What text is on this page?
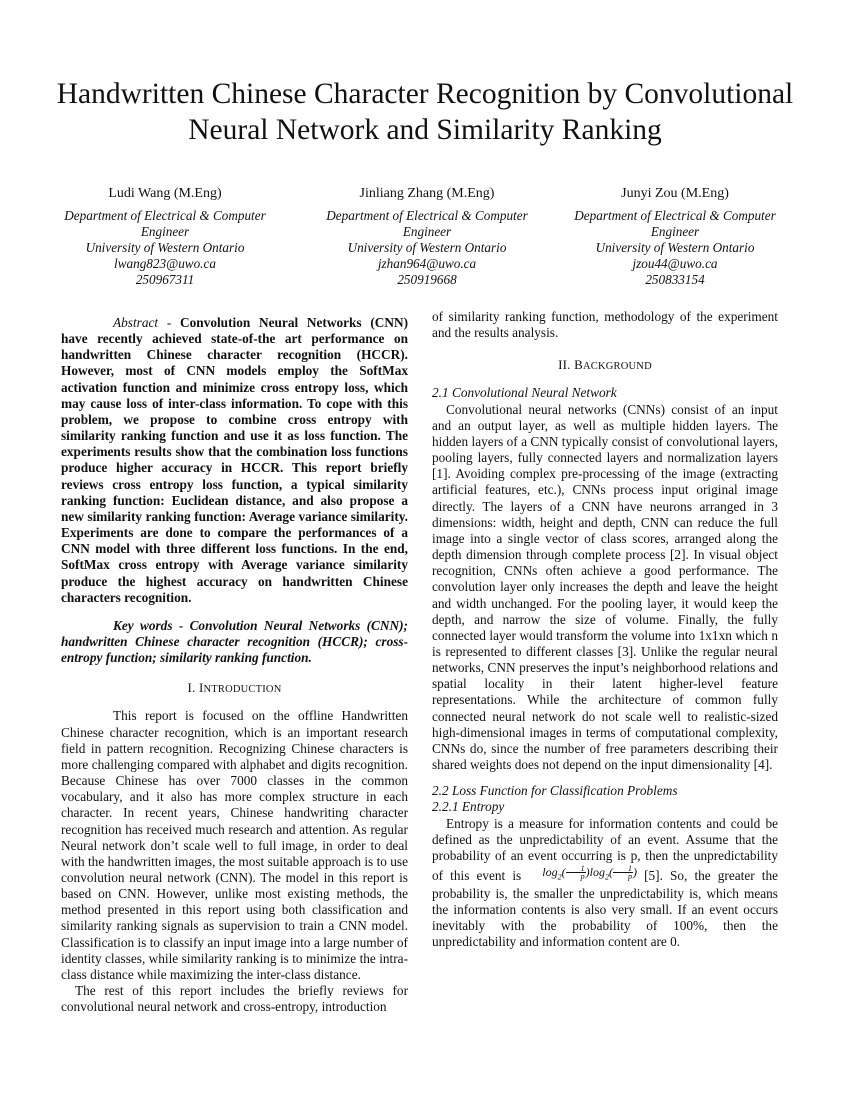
Handwritten Chinese Character Recognition by Convolutional Neural Network and Similarity Ranking
Ludi Wang (M.Eng)
Department of Electrical & Computer
Engineer
University of Western Ontario
lwang823@uwo.ca
250967311
Jinliang Zhang (M.Eng)
Department of Electrical & Computer
Engineer
University of Western Ontario
jzhan964@uwo.ca
250919668
Junyi Zou (M.Eng)
Department of Electrical & Computer
Engineer
University of Western Ontario
jzou44@uwo.ca
250833154

Abstract - Convolution Neural Networks (CNN) have recently achieved state-of-the art performance on handwritten Chinese character recognition (HCCR). However, most of CNN models employ the SoftMax activation function and minimize cross entropy loss, which may cause loss of inter-class information. To cope with this problem, we propose to combine cross entropy with similarity ranking function and use it as loss function. The experiments results show that the combination loss functions produce higher accuracy in HCCR. This report briefly reviews cross entropy loss function, a typical similarity ranking function: Euclidean distance, and also propose a new similarity ranking function: Average variance similarity. Experiments are done to compare the performances of a CNN model with three different loss functions. In the end, SoftMax cross entropy with Average variance similarity produce the highest accuracy on handwritten Chinese characters recognition.

Key words - Convolution Neural Networks (CNN); handwritten Chinese character recognition (HCCR); cross-entropy function; similarity ranking function.

I. INTRODUCTION

This report is focused on the offline Handwritten Chinese character recognition, which is an important research field in pattern recognition. Recognizing Chinese characters is more challenging compared with alphabet and digits recognition. Because Chinese has over 7000 classes in the common vocabulary, and it also has more complex structure in each character. In recent years, Chinese handwriting character recognition has received much research and attention. As regular Neural network don’t scale well to full image, in order to deal with the handwritten images, the most suitable approach is to use convolution neural network (CNN). The model in this report is based on CNN. However, unlike most existing methods, the method presented in this report using both classification and similarity ranking signals as supervision to train a CNN model. Classification is to classify an input image into a large number of identity classes, while similarity ranking is to minimize the intra-class distance while maximizing the inter-class distance.

The rest of this report includes the briefly reviews for convolutional neural network and cross-entropy, introduction

of similarity ranking function, methodology of the experiment and the results analysis.

II. BACKGROUND

2.1 Convolutional Neural Network

Convolutional neural networks (CNNs) consist of an input and an output layer, as well as multiple hidden layers. The hidden layers of a CNN typically consist of convolutional layers, pooling layers, fully connected layers and normalization layers [1]. Avoiding complex pre-processing of the image (extracting artificial features, etc.), CNNs process input original image directly. The layers of a CNN have neurons arranged in 3 dimensions: width, height and depth, CNN can reduce the full image into a single vector of class scores, arranged along the depth dimension through complete process [2]. In visual object recognition, CNNs often achieve a good performance. The convolution layer only increases the depth and leave the height and width unchanged. For the pooling layer, it would keep the depth, and narrow the size of volume. Finally, the fully connected layer would transform the volume into 1x1xn which n is represented to different classes [3]. Unlike the regular neural networks, CNN preserves the input’s neighborhood relations and spatial locality in their latent higher-level feature representations. While the architecture of common fully connected neural network do not scale well to realistic-sized high-dimensional images in terms of computational complexity, CNNs do, since the number of free parameters describing their shared weights does not depend on the input dimensionality [4].

2.2 Loss Function for Classification Problems

2.2.1 Entropy

Entropy is a measure for information contents and could be defined as the unpredictability of an event. Assume that the probability of an event occurring is p, then the unpredictability of this event is $\log_2( \frac{1}{p} )\log_2( \frac{1}{p}$ ) [5]. So, the greater the probability is, the smaller the unpredictability is, which means the information contents is also very small. If an event occurs inevitably with the probability of 100%, then the unpredictability and information content are 0.
